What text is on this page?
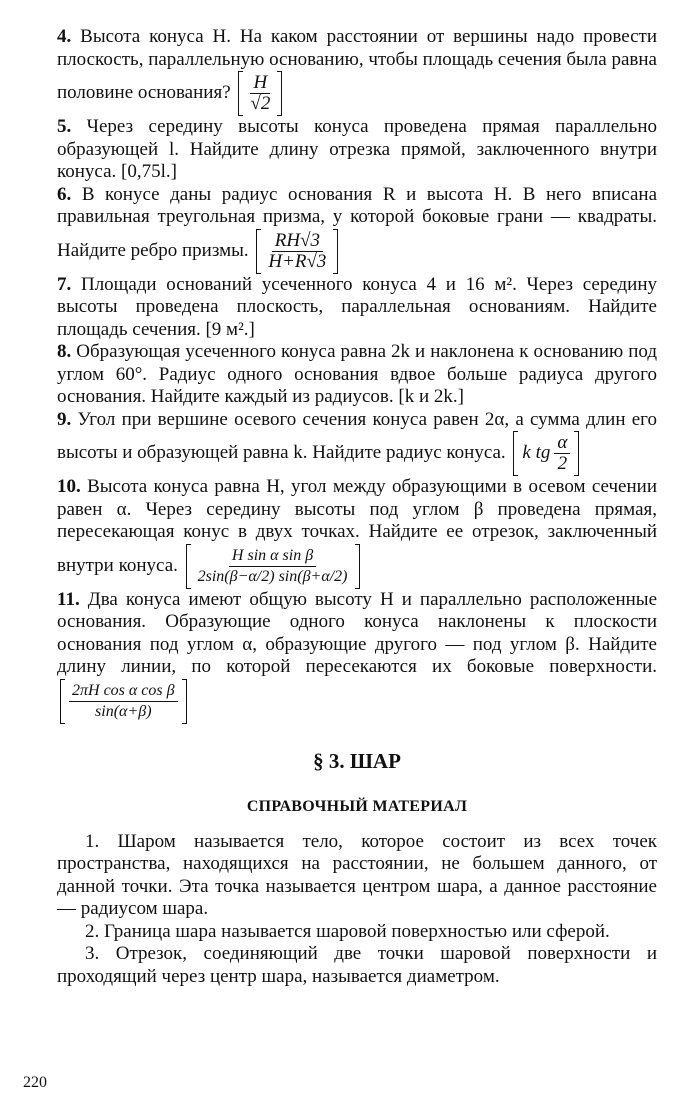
4. Высота конуса H. На каком расстоянии от вершины надо провести плоскость, параллельную основанию, чтобы площадь сечения была равна половине основания? $\frac{H}{√2}$

5. Через середину высоты конуса проведена прямая параллельно образующей l. Найдите длину отрезка прямой, заключенного внутри конуса. [0,75l.]

6. В конусе даны радиус основания R и высота H. В него вписана правильная треугольная призма, у которой боковые грани — квадраты. Найдите ребро призмы. $\frac{RH√3}{H+R√3}$

7. Площади оснований усеченного конуса 4 и 16 м². Через середину высоты проведена плоскость, параллельная основаниям. Найдите площадь сечения. [9 м².]

8. Образующая усеченного конуса равна 2k и наклонена к основанию под углом 60°. Радиус одного основания вдвое больше радиуса другого основания. Найдите каждый из радиусов. [k и 2k.]

9. Угол при вершине осевого сечения конуса равен 2α, а сумма длин его высоты и образующей равна k. Найдите радиус конуса. k tg $\frac{\alpha}{2}$
10. Высота конуса равна H, угол между образующими в осевом сечении равен α. Через середину высоты под углом β проведена прямая, пересекающая конус в двух точках. Найдите ее отрезок, заключенный внутри конуса. $\frac{\text{H sin α sin β}}{2\sin(\beta-\alpha/2) \sin(\beta+\alpha/2)}$
11. Два конуса имеют общую высоту H и параллельно расположенные основания. Образующие одного конуса наклонены к плоскости основания под углом α, образующие другого — под углом β. Найдите длину линии, по которой пересекаются их боковые поверхности.
$\frac{\text{2πH cos α cos β}}{\sin(\alpha+\beta)}$
§ 3. ШАР
СПРАВОЧНЫЙ МАТЕРИАЛ

1. Шаром называется тело, которое состоит из всех точек пространства, находящихся на расстоянии, не большем данного, от данной точки. Эта точка называется центром шара, а данное расстояние — радиусом шара.

2. Граница шара называется шаровой поверхностью или сферой.

3. Отрезок, соединяющий две точки шаровой поверхности и проходящий через центр шара, называется диаметром.

220
